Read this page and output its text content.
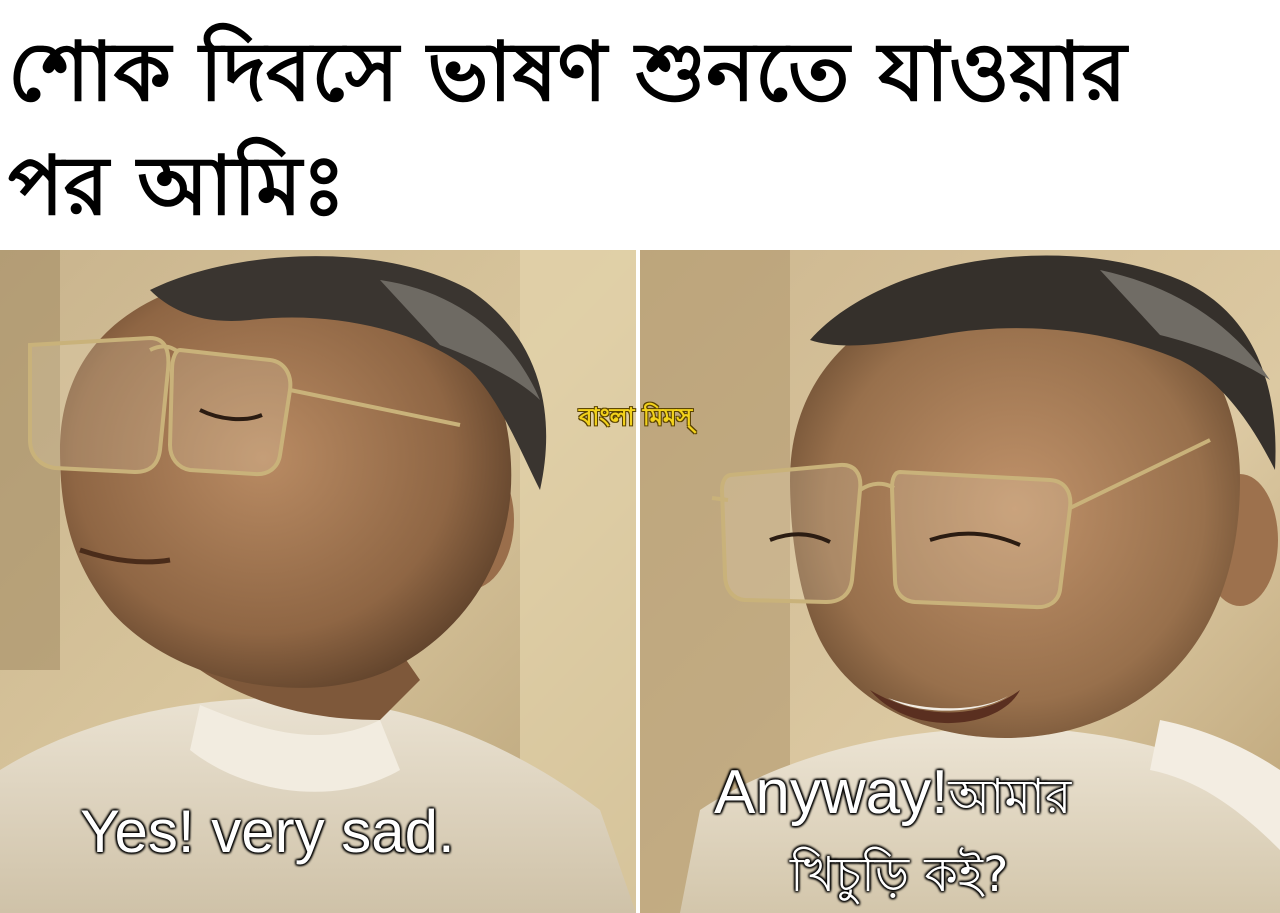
শোক দিবসে ভাষণ শুনতে যাওয়ার

পর আমিঃ

Yes! very sad.

Anyway!আমার

খিচুড়ি কই?

বাংলা মিমস্
